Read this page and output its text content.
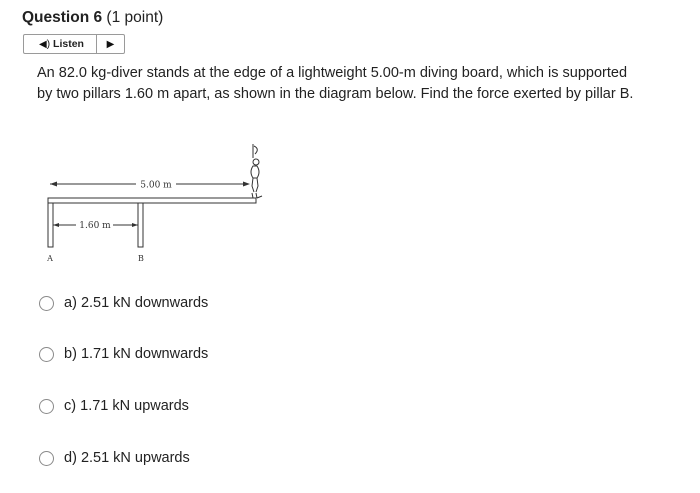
Question 6 (1 point)
◀︎) Listen ▶
An 82.0 kg-diver stands at the edge of a lightweight 5.00-m diving board, which is supported by two pillars 1.60 m apart, as shown in the diagram below. Find the force exerted by pillar B.
5.00 m
1.60 m
A	B
a) 2.51 kN downwards
b) 1.71 kN downwards
c) 1.71 kN upwards
d) 2.51 kN upwards
